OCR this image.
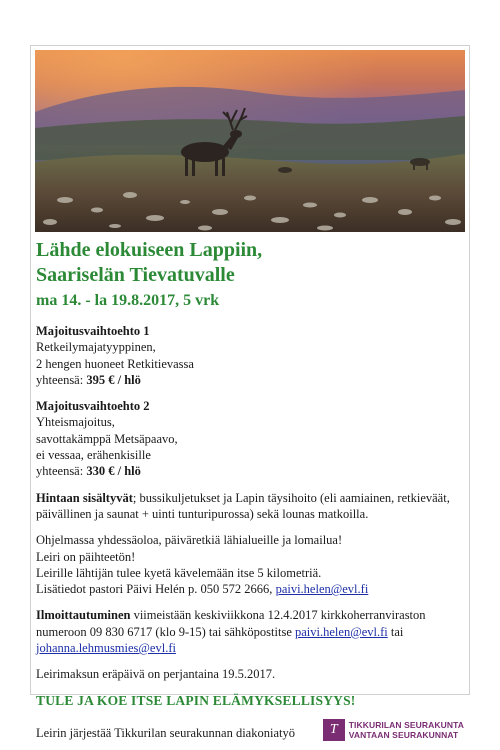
Lähde elokuiseen Lappiin,
Saariselän Tievatuvalle
ma 14. - la 19.8.2017, 5 vrk
Majoitusvaihtoehto 1
Retkeilymajatyyppinen,
2 hengen huoneet Retkitievassa
yhteensä: 395 € / hlö
Majoitusvaihtoehto 2
Yhteismajoitus,
savottakämppä Metsäpaavo,
ei vessaa, erähenkisille
yhteensä: 330 € / hlö
Hintaan sisältyvät; bussikuljetukset ja Lapin täysihoito (eli aamiainen, retkieväät, päivällinen ja saunat + uinti tunturipurossa) sekä lounas matkoilla.
Ohjelmassa yhdessäoloa, päiväretkiä lähialueille ja lomailua!
Leiri on päihteetön!
Leirille lähtijän tulee kyetä kävelemään itse 5 kilometriä.
Lisätiedot pastori Päivi Helén p. 050 572 2666, paivi.helen@evl.fi
Ilmoittautuminen viimeistään keskiviikkona 12.4.2017 kirkkoherranviraston numeroon 09 830 6717 (klo 9-15) tai sähköpostitse paivi.helen@evl.fi tai johanna.lehmusmies@evl.fi
Leirimaksun eräpäivä on perjantaina 19.5.2017.
TULE JA KOE ITSE LAPIN ELÄMYKSELLISYYS!
Leirin järjestää Tikkurilan seurakunnan diakoniatyö	T	TIKKURILAN SEURAKUNTA
VANTAAN SEURAKUNNAT
